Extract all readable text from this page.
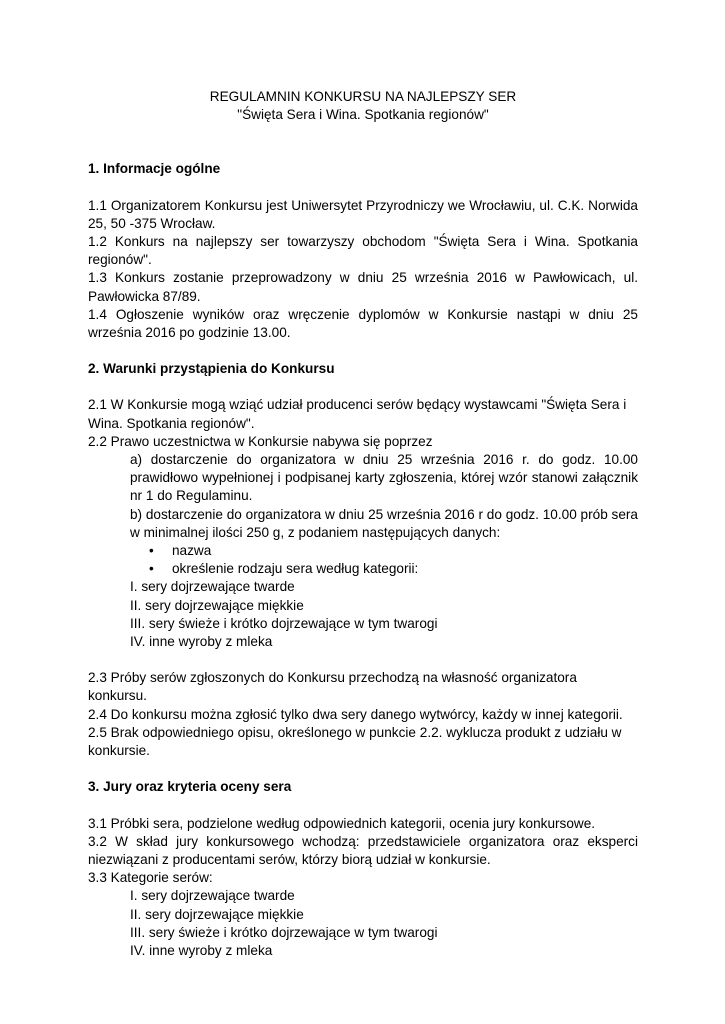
REGULAMNIN KONKURSU NA NAJLEPSZY SER

"Święta Sera i Wina. Spotkania regionów"

1. Informacje ogólne

1.1 Organizatorem Konkursu jest Uniwersytet Przyrodniczy we Wrocławiu, ul. C.K. Norwida 25, 50 -375 Wrocław.

1.2 Konkurs na najlepszy ser towarzyszy obchodom "Święta Sera i Wina. Spotkania regionów".

1.3 Konkurs zostanie przeprowadzony w dniu 25 września 2016 w Pawłowicach, ul. Pawłowicka 87/89.

1.4 Ogłoszenie wyników oraz wręczenie dyplomów w Konkursie nastąpi w dniu 25 września 2016 po godzinie 13.00.

2. Warunki przystąpienia do Konkursu

2.1 W Konkursie mogą wziąć udział producenci serów będący wystawcami "Święta Sera i Wina. Spotkania regionów".

2.2 Prawo uczestnictwa w Konkursie nabywa się poprzez

a) dostarczenie do organizatora w dniu 25 września 2016 r. do godz. 10.00 prawidłowo wypełnionej i podpisanej karty zgłoszenia, której wzór stanowi załącznik nr 1 do Regulaminu.

b) dostarczenie do organizatora w dniu 25 września 2016 r do godz. 10.00 prób sera w minimalnej ilości 250 g, z podaniem następujących danych:

• nazwa
• określenie rodzaju sera według kategorii:

I. sery dojrzewające twarde

II. sery dojrzewające miękkie

III. sery świeże i krótko dojrzewające w tym twarogi

IV. inne wyroby z mleka

2.3 Próby serów zgłoszonych do Konkursu przechodzą na własność organizatora konkursu.

2.4 Do konkursu można zgłosić tylko dwa sery danego wytwórcy, każdy w innej kategorii.

2.5 Brak odpowiedniego opisu, określonego w punkcie 2.2. wyklucza produkt z udziału w konkursie.

3. Jury oraz kryteria oceny sera

3.1 Próbki sera, podzielone według odpowiednich kategorii, ocenia jury konkursowe.

3.2 W skład jury konkursowego wchodzą: przedstawiciele organizatora oraz eksperci niezwiązani z producentami serów, którzy biorą udział w konkursie.

3.3 Kategorie serów:

I. sery dojrzewające twarde

II. sery dojrzewające miękkie

III. sery świeże i krótko dojrzewające w tym twarogi

IV. inne wyroby z mleka
